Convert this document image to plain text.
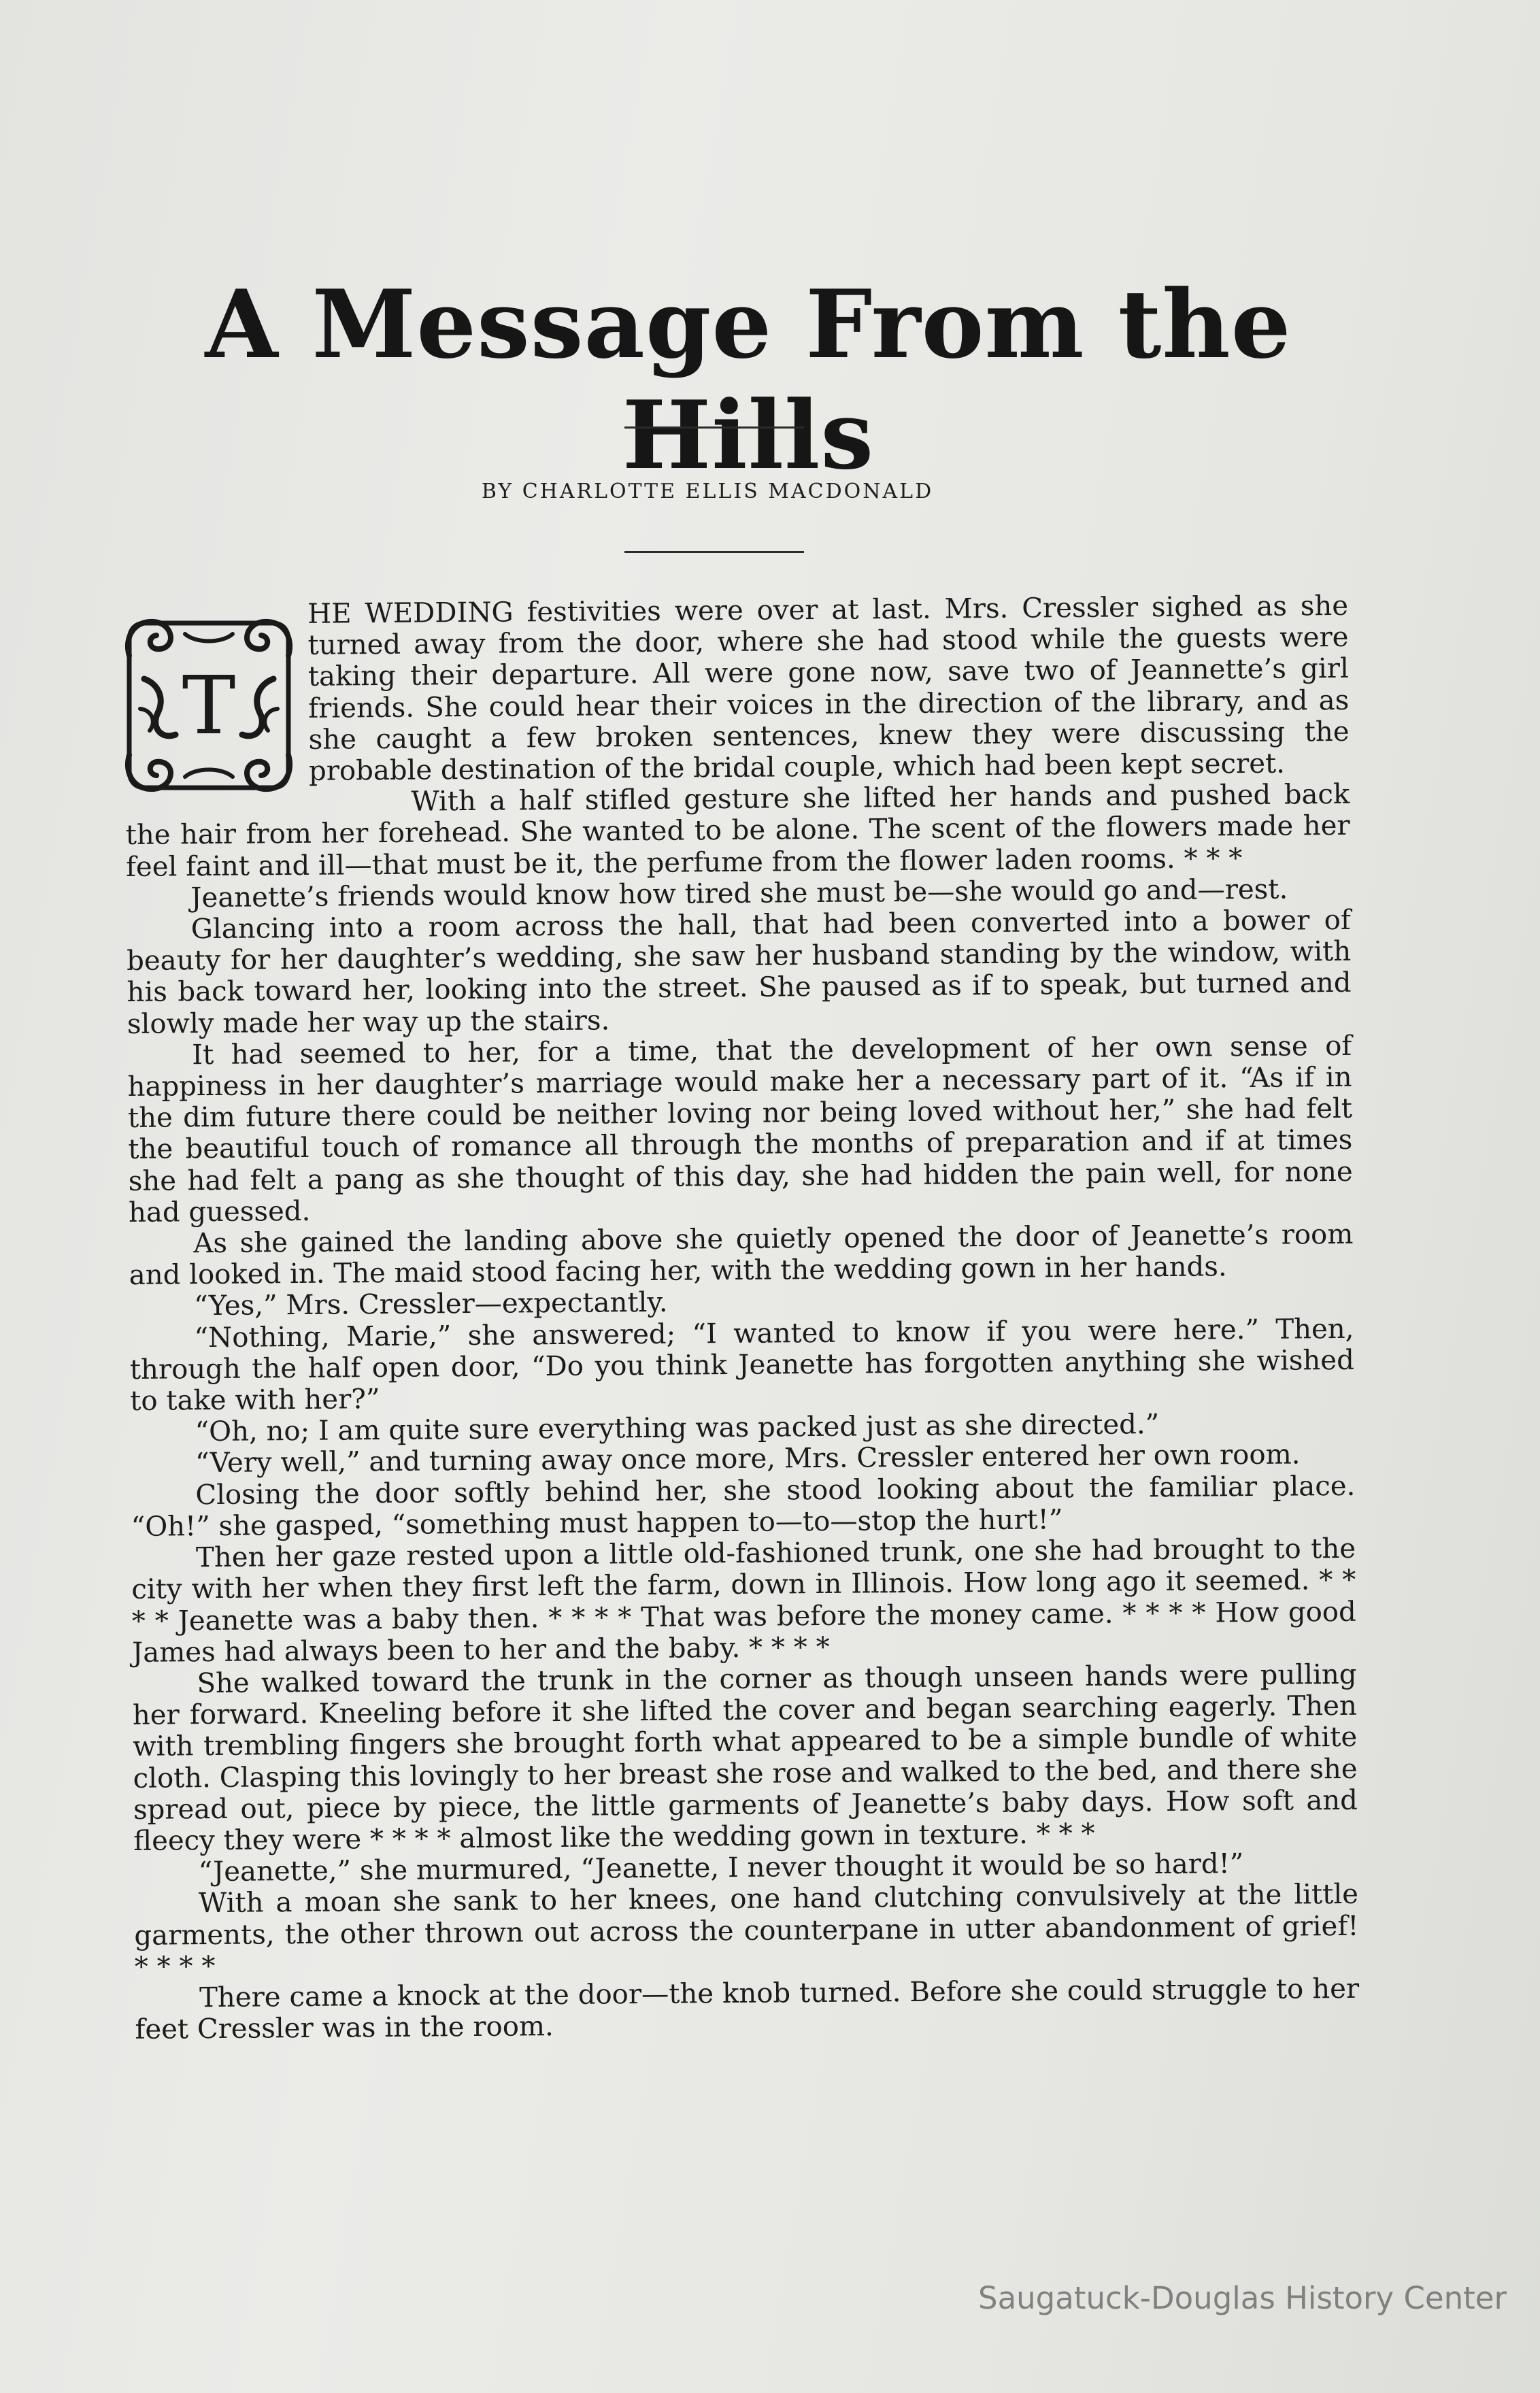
A Message From the Hills
BY CHARLOTTE ELLIS MACDONALD
T

HE WEDDING festivities were over at last. Mrs. Cressler sighed as she turned away from the door, where she had stood while the guests were taking their departure. All were gone now, save two of Jeannette’s girl friends. She could hear their voices in the direction of the library, and as she caught a few broken sentences, knew they were discussing the probable destination of the bridal couple, which had been kept secret.

With a half stifled gesture she lifted her hands and pushed back the hair from her forehead. She wanted to be alone. The scent of the flowers made her feel faint and ill—that must be it, the perfume from the flower laden rooms. * * *

Jeanette’s friends would know how tired she must be—she would go and—rest.

Glancing into a room across the hall, that had been converted into a bower of beauty for her daughter’s wedding, she saw her husband standing by the window, with his back toward her, looking into the street. She paused as if to speak, but turned and slowly made her way up the stairs.

It had seemed to her, for a time, that the development of her own sense of happiness in her daughter’s marriage would make her a necessary part of it. “As if in the dim future there could be neither loving nor being loved without her,” she had felt the beautiful touch of romance all through the months of preparation and if at times she had felt a pang as she thought of this day, she had hidden the pain well, for none had guessed.

As she gained the landing above she quietly opened the door of Jeanette’s room and looked in. The maid stood facing her, with the wedding gown in her hands.

“Yes,” Mrs. Cressler—expectantly.

“Nothing, Marie,” she answered; “I wanted to know if you were here.” Then, through the half open door, “Do you think Jeanette has forgotten anything she wished to take with her?”

“Oh, no; I am quite sure everything was packed just as she directed.”

“Very well,” and turning away once more, Mrs. Cressler entered her own room.

Closing the door softly behind her, she stood looking about the familiar place. “Oh!” she gasped, “something must happen to—to—stop the hurt!”

Then her gaze rested upon a little old-fashioned trunk, one she had brought to the city with her when they first left the farm, down in Illinois. How long ago it seemed. * * * * Jeanette was a baby then. * * * * That was before the money came. * * * * How good James had always been to her and the baby. * * * *

She walked toward the trunk in the corner as though unseen hands were pulling her forward. Kneeling before it she lifted the cover and began searching eagerly. Then with trembling fingers she brought forth what appeared to be a simple bundle of white cloth. Clasping this lovingly to her breast she rose and walked to the bed, and there she spread out, piece by piece, the little garments of Jeanette’s baby days. How soft and fleecy they were * * * * almost like the wedding gown in texture. * * *

“Jeanette,” she murmured, “Jeanette, I never thought it would be so hard!”

With a moan she sank to her knees, one hand clutching convulsively at the little garments, the other thrown out across the counterpane in utter abandonment of grief! * * * *

There came a knock at the door—the knob turned. Before she could struggle to her feet Cressler was in the room.

Saugatuck-Douglas History Center
